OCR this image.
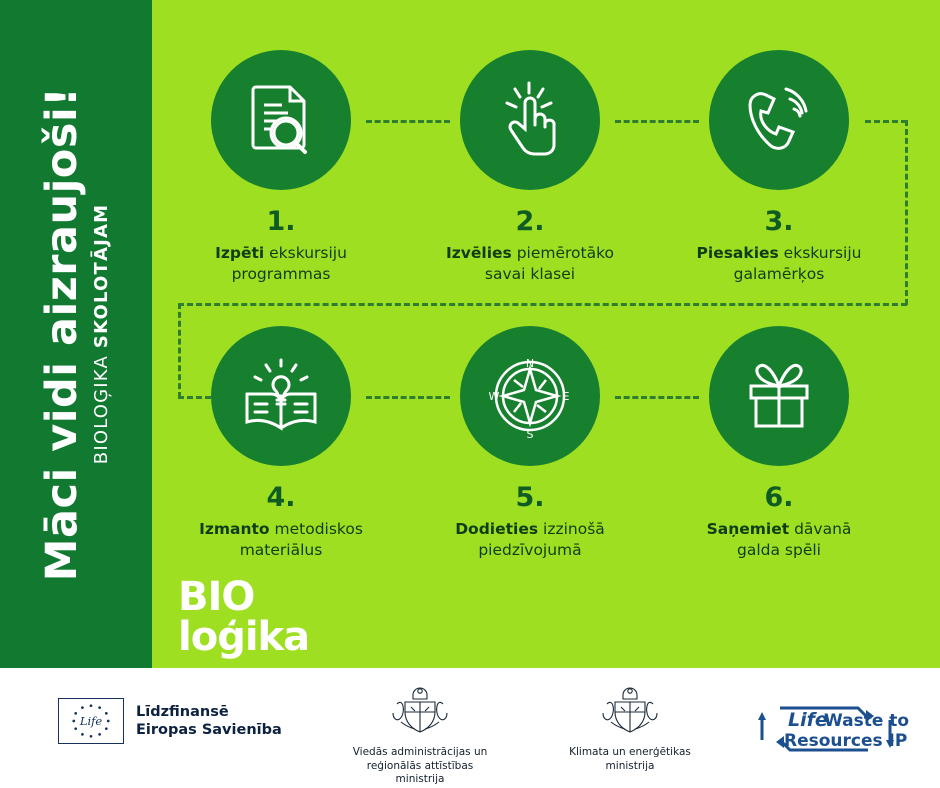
Māci vidi aizraujoši! BIOLOĢIKA SKOLOTĀJAM	1.
Izpēti ekskursiju
programmas
2.
Izvēlies piemērotāko
savai klasei
3.
Piesakies ekskursiju
galamērķos
4.
Izmanto metodiskos
materiālus
N
S
E
W
5.
Dodieties izzinošā
piedzīvojumā
6.
Saņemiet dāvanā
galda spēli
BIO
loģika
Life
Līdzfinansē
Eiropas Savienība
Viedās administrācijas un
reģionālās attīstības
ministrija
Klimata un enerģētikas
ministrija
Life
Waste to
Resources IP
